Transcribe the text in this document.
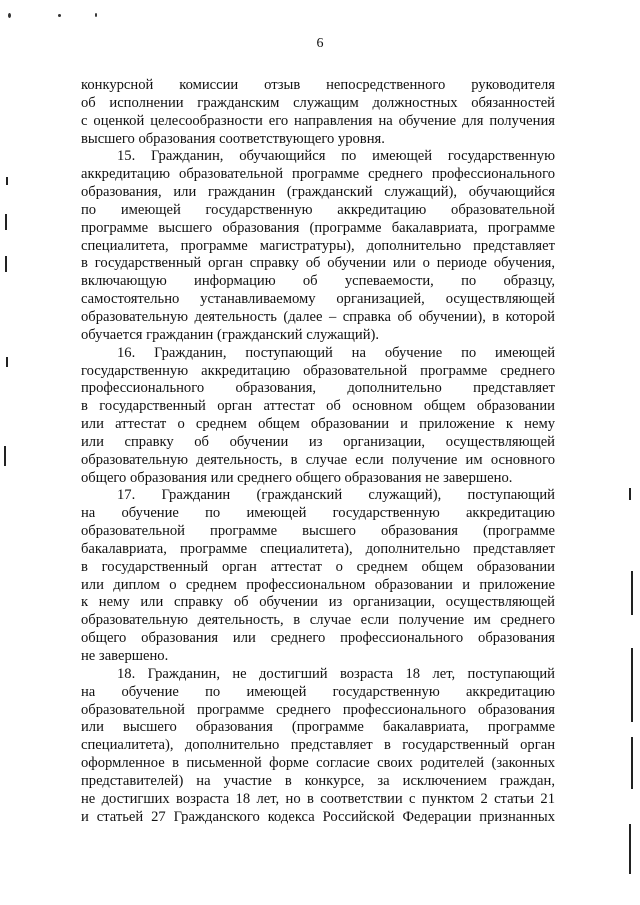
6
конкурсной комиссии отзыв непосредственного руководителя
об исполнении гражданским служащим должностных обязанностей
с оценкой целесообразности его направления на обучение для получения
высшего образования соответствующего уровня.
15. Гражданин, обучающийся по имеющей государственную
аккредитацию образовательной программе среднего профессионального
образования, или гражданин (гражданский служащий), обучающийся
по имеющей государственную аккредитацию образовательной
программе высшего образования (программе бакалавриата, программе
специалитета, программе магистратуры), дополнительно представляет
в государственный орган справку об обучении или о периоде обучения,
включающую информацию об успеваемости, по образцу,
самостоятельно устанавливаемому организацией, осуществляющей
образовательную деятельность (далее – справка об обучении), в которой
обучается гражданин (гражданский служащий).
16. Гражданин, поступающий на обучение по имеющей
государственную аккредитацию образовательной программе среднего
профессионального образования, дополнительно представляет
в государственный орган аттестат об основном общем образовании
или аттестат о среднем общем образовании и приложение к нему
или справку об обучении из организации, осуществляющей
образовательную деятельность, в случае если получение им основного
общего образования или среднего общего образования не завершено.
17. Гражданин (гражданский служащий), поступающий
на обучение по имеющей государственную аккредитацию
образовательной программе высшего образования (программе
бакалавриата, программе специалитета), дополнительно представляет
в государственный орган аттестат о среднем общем образовании
или диплом о среднем профессиональном образовании и приложение
к нему или справку об обучении из организации, осуществляющей
образовательную деятельность, в случае если получение им среднего
общего образования или среднего профессионального образования
не завершено.
18. Гражданин, не достигший возраста 18 лет, поступающий
на обучение по имеющей государственную аккредитацию
образовательной программе среднего профессионального образования
или высшего образования (программе бакалавриата, программе
специалитета), дополнительно представляет в государственный орган
оформленное в письменной форме согласие своих родителей (законных
представителей) на участие в конкурсе, за исключением граждан,
не достигших возраста 18 лет, но в соответствии с пунктом 2 статьи 21
и статьей 27 Гражданского кодекса Российской Федерации признанных
